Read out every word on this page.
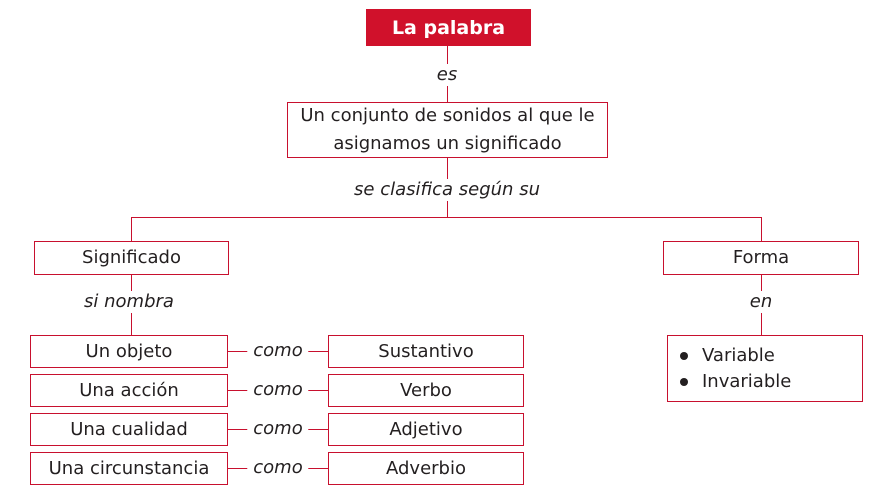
La palabra
es
Un conjunto de sonidos al que le
asignamos un significado
se clasifica según su
Significado
si nombra
Forma
en
Variable
Invariable
Un objeto	como	Sustantivo
Una acción	como	Verbo
Una cualidad	como	Adjetivo
Una circunstancia	como	Adverbio
